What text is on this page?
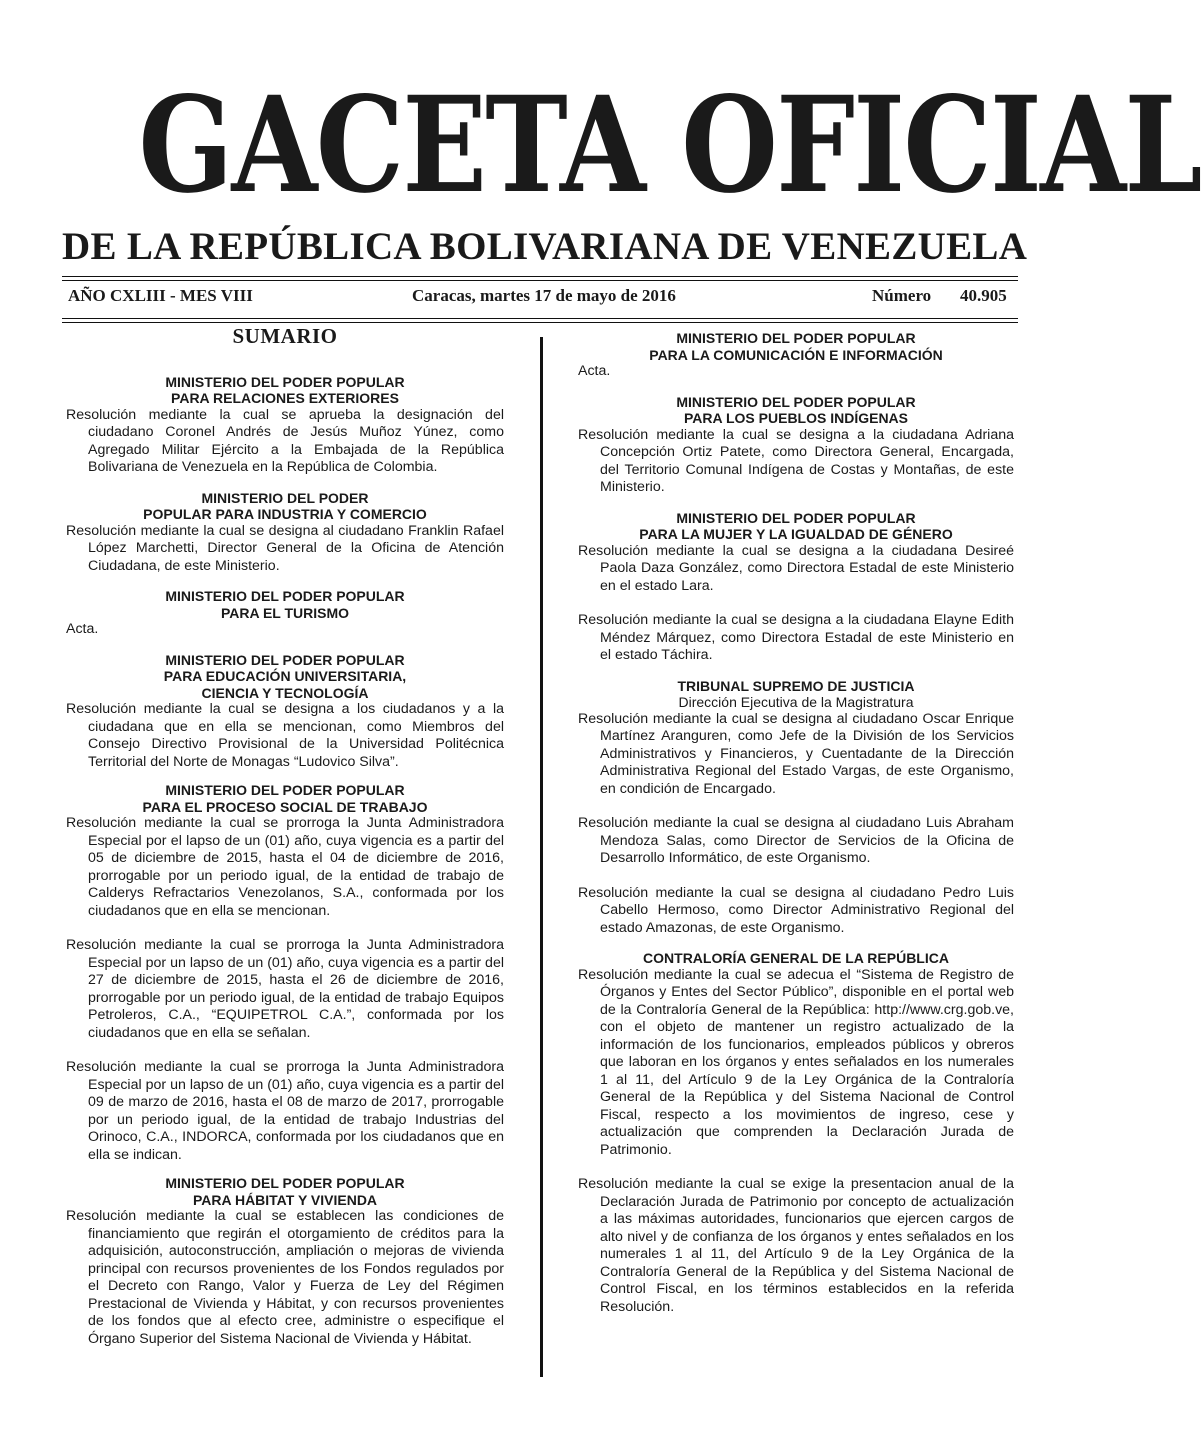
GACETA OFICIAL
DE LA REPÚBLICA BOLIVARIANA DE VENEZUELA
AÑO CXLIII - MES VIII	Caracas, martes 17 de mayo de 2016	Número 40.905
SUMARIO
MINISTERIO DEL PODER POPULAR
PARA RELACIONES EXTERIORES

Resolución mediante la cual se aprueba la designación del ciudadano Coronel Andrés de Jesús Muñoz Yúnez, como Agregado Militar Ejército a la Embajada de la República Bolivariana de Venezuela en la República de Colombia.

MINISTERIO DEL PODER
POPULAR PARA INDUSTRIA Y COMERCIO

Resolución mediante la cual se designa al ciudadano Franklin Rafael López Marchetti, Director General de la Oficina de Atención Ciudadana, de este Ministerio.

MINISTERIO DEL PODER POPULAR
PARA EL TURISMO

Acta.

MINISTERIO DEL PODER POPULAR
PARA EDUCACIÓN UNIVERSITARIA,
CIENCIA Y TECNOLOGÍA

Resolución mediante la cual se designa a los ciudadanos y a la ciudadana que en ella se mencionan, como Miembros del Consejo Directivo Provisional de la Universidad Politécnica Territorial del Norte de Monagas “Ludovico Silva”.

MINISTERIO DEL PODER POPULAR
PARA EL PROCESO SOCIAL DE TRABAJO

Resolución mediante la cual se prorroga la Junta Administradora Especial por el lapso de un (01) año, cuya vigencia es a partir del 05 de diciembre de 2015, hasta el 04 de diciembre de 2016, prorrogable por un periodo igual, de la entidad de trabajo de Calderys Refractarios Venezolanos, S.A., conformada por los ciudadanos que en ella se mencionan.

Resolución mediante la cual se prorroga la Junta Administradora Especial por un lapso de un (01) año, cuya vigencia es a partir del 27 de diciembre de 2015, hasta el 26 de diciembre de 2016, prorrogable por un periodo igual, de la entidad de trabajo Equipos Petroleros, C.A., “EQUIPETROL C.A.”, conformada por los ciudadanos que en ella se señalan.

Resolución mediante la cual se prorroga la Junta Administradora Especial por un lapso de un (01) año, cuya vigencia es a partir del 09 de marzo de 2016, hasta el 08 de marzo de 2017, prorrogable por un periodo igual, de la entidad de trabajo Industrias del Orinoco, C.A., INDORCA, conformada por los ciudadanos que en ella se indican.

MINISTERIO DEL PODER POPULAR
PARA HÁBITAT Y VIVIENDA

Resolución mediante la cual se establecen las condiciones de financiamiento que regirán el otorgamiento de créditos para la adquisición, autoconstrucción, ampliación o mejoras de vivienda principal con recursos provenientes de los Fondos regulados por el Decreto con Rango, Valor y Fuerza de Ley del Régimen Prestacional de Vivienda y Hábitat, y con recursos provenientes de los fondos que al efecto cree, administre o especifique el Órgano Superior del Sistema Nacional de Vivienda y Hábitat.

MINISTERIO DEL PODER POPULAR
PARA LA COMUNICACIÓN E INFORMACIÓN

Acta.

MINISTERIO DEL PODER POPULAR
PARA LOS PUEBLOS INDÍGENAS

Resolución mediante la cual se designa a la ciudadana Adriana Concepción Ortiz Patete, como Directora General, Encargada, del Territorio Comunal Indígena de Costas y Montañas, de este Ministerio.

MINISTERIO DEL PODER POPULAR
PARA LA MUJER Y LA IGUALDAD DE GÉNERO

Resolución mediante la cual se designa a la ciudadana Desireé Paola Daza González, como Directora Estadal de este Ministerio en el estado Lara.

Resolución mediante la cual se designa a la ciudadana Elayne Edith Méndez Márquez, como Directora Estadal de este Ministerio en el estado Táchira.

TRIBUNAL SUPREMO DE JUSTICIA
Dirección Ejecutiva de la Magistratura

Resolución mediante la cual se designa al ciudadano Oscar Enrique Martínez Aranguren, como Jefe de la División de los Servicios Administrativos y Financieros, y Cuentadante de la Dirección Administrativa Regional del Estado Vargas, de este Organismo, en condición de Encargado.

Resolución mediante la cual se designa al ciudadano Luis Abraham Mendoza Salas, como Director de Servicios de la Oficina de Desarrollo Informático, de este Organismo.

Resolución mediante la cual se designa al ciudadano Pedro Luis Cabello Hermoso, como Director Administrativo Regional del estado Amazonas, de este Organismo.

CONTRALORÍA GENERAL DE LA REPÚBLICA

Resolución mediante la cual se adecua el “Sistema de Registro de Órganos y Entes del Sector Público”, disponible en el portal web de la Contraloría General de la República: http://www.crg.gob.ve, con el objeto de mantener un registro actualizado de la información de los funcionarios, empleados públicos y obreros que laboran en los órganos y entes señalados en los numerales 1 al 11, del Artículo 9 de la Ley Orgánica de la Contraloría General de la República y del Sistema Nacional de Control Fiscal, respecto a los movimientos de ingreso, cese y actualización que comprenden la Declaración Jurada de Patrimonio.

Resolución mediante la cual se exige la presentacion anual de la Declaración Jurada de Patrimonio por concepto de actualización a las máximas autoridades, funcionarios que ejercen cargos de alto nivel y de confianza de los órganos y entes señalados en los numerales 1 al 11, del Artículo 9 de la Ley Orgánica de la Contraloría General de la República y del Sistema Nacional de Control Fiscal, en los términos establecidos en la referida Resolución.
